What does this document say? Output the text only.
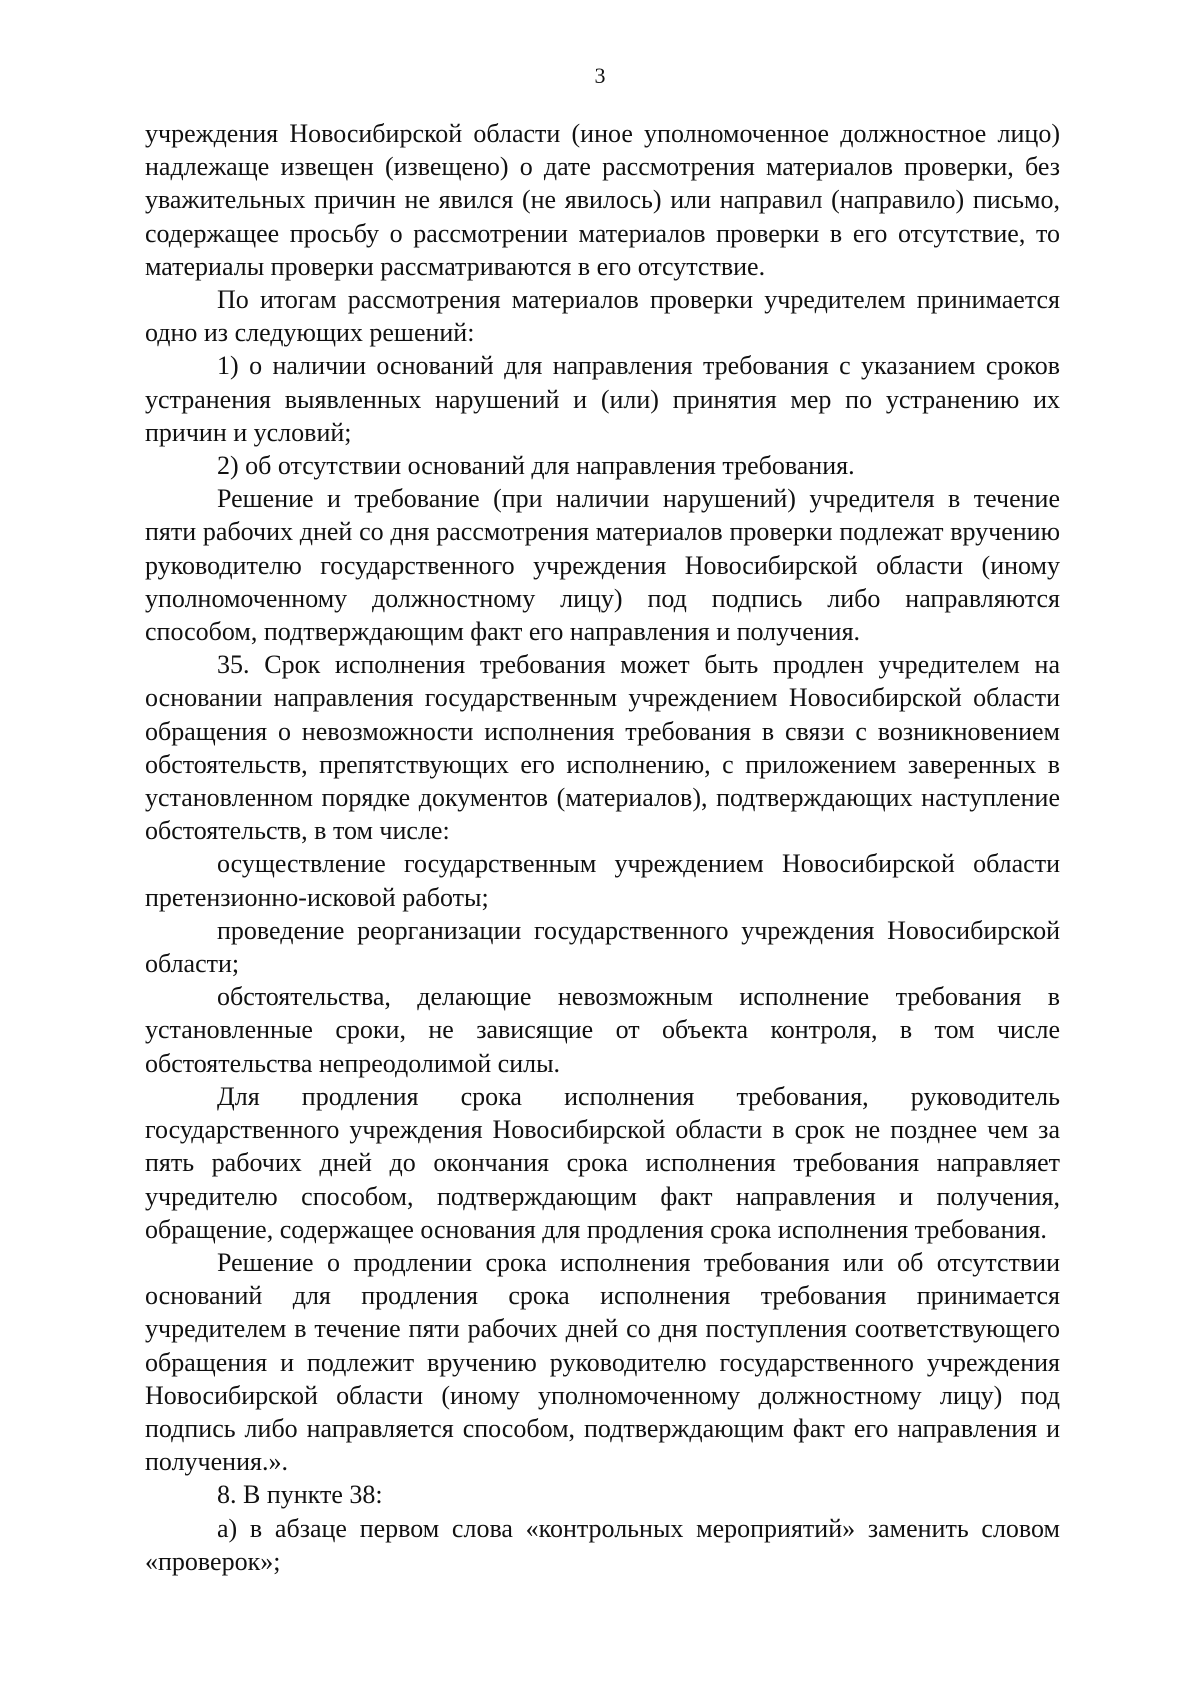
3

учреждения Новосибирской области (иное уполномоченное должностное лицо) надлежаще извещен (извещено) о дате рассмотрения материалов проверки, без уважительных причин не явился (не явилось) или направил (направило) письмо, содержащее просьбу о рассмотрении материалов проверки в его отсутствие, то материалы проверки рассматриваются в его отсутствие.

По итогам рассмотрения материалов проверки учредителем принимается одно из следующих решений:

1) о наличии оснований для направления требования с указанием сроков устранения выявленных нарушений и (или) принятия мер по устранению их причин и условий;

2) об отсутствии оснований для направления требования.

Решение и требование (при наличии нарушений) учредителя в течение пяти рабочих дней со дня рассмотрения материалов проверки подлежат вручению руководителю государственного учреждения Новосибирской области (иному уполномоченному должностному лицу) под подпись либо направляются способом, подтверждающим факт его направления и получения.

35. Срок исполнения требования может быть продлен учредителем на основании направления государственным учреждением Новосибирской области обращения о невозможности исполнения требования в связи с возникновением обстоятельств, препятствующих его исполнению, с приложением заверенных в установленном порядке документов (материалов), подтверждающих наступление обстоятельств, в том числе:

осуществление государственным учреждением Новосибирской области претензионно-исковой работы;

проведение реорганизации государственного учреждения Новосибирской области;

обстоятельства, делающие невозможным исполнение требования в установленные сроки, не зависящие от объекта контроля, в том числе обстоятельства непреодолимой силы.

Для продления срока исполнения требования, руководитель государственного учреждения Новосибирской области в срок не позднее чем за пять рабочих дней до окончания срока исполнения требования направляет учредителю способом, подтверждающим факт направления и получения, обращение, содержащее основания для продления срока исполнения требования.

Решение о продлении срока исполнения требования или об отсутствии оснований для продления срока исполнения требования принимается учредителем в течение пяти рабочих дней со дня поступления соответствующего обращения и подлежит вручению руководителю государственного учреждения Новосибирской области (иному уполномоченному должностному лицу) под подпись либо направляется способом, подтверждающим факт его направления и получения.».

8. В пункте 38:

а) в абзаце первом слова «контрольных мероприятий» заменить словом «проверок»;
